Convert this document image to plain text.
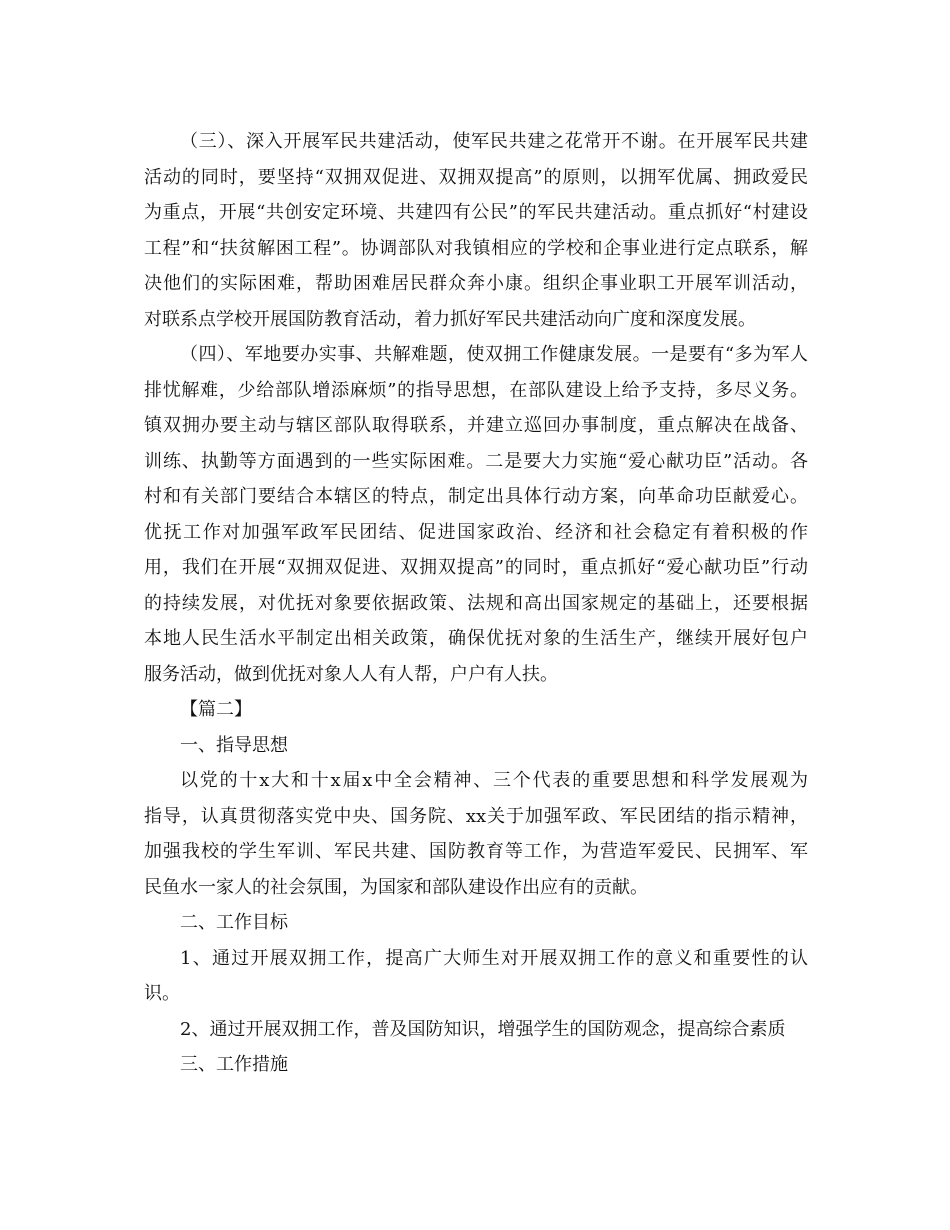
（三）、深入开展军民共建活动，使军民共建之花常开不谢。在开展军民共建
活动的同时，要坚持“双拥双促进、双拥双提高”的原则，以拥军优属、拥政爱民
为重点，开展“共创安定环境、共建四有公民”的军民共建活动。重点抓好“村建设
工程”和“扶贫解困工程”。协调部队对我镇相应的学校和企事业进行定点联系，解
决他们的实际困难，帮助困难居民群众奔小康。组织企事业职工开展军训活动，
对联系点学校开展国防教育活动，着力抓好军民共建活动向广度和深度发展。
（四）、军地要办实事、共解难题，使双拥工作健康发展。一是要有“多为军人
排忧解难，少给部队增添麻烦”的指导思想，在部队建设上给予支持，多尽义务。
镇双拥办要主动与辖区部队取得联系，并建立巡回办事制度，重点解决在战备、
训练、执勤等方面遇到的一些实际困难。二是要大力实施“爱心献功臣”活动。各
村和有关部门要结合本辖区的特点，制定出具体行动方案，向革命功臣献爱心。
优抚工作对加强军政军民团结、促进国家政治、经济和社会稳定有着积极的作
用，我们在开展“双拥双促进、双拥双提高”的同时，重点抓好“爱心献功臣”行动
的持续发展，对优抚对象要依据政策、法规和高出国家规定的基础上，还要根据
本地人民生活水平制定出相关政策，确保优抚对象的生活生产，继续开展好包户
服务活动，做到优抚对象人人有人帮，户户有人扶。
【篇二】
一、指导思想
以党的十x大和十x届x中全会精神、三个代表的重要思想和科学发展观为
指导，认真贯彻落实党中央、国务院、xx关于加强军政、军民团结的指示精神，
加强我校的学生军训、军民共建、国防教育等工作，为营造军爱民、民拥军、军
民鱼水一家人的社会氛围，为国家和部队建设作出应有的贡献。
二、工作目标
1、通过开展双拥工作，提高广大师生对开展双拥工作的意义和重要性的认
识。
2、通过开展双拥工作，普及国防知识，增强学生的国防观念，提高综合素质
三、工作措施
